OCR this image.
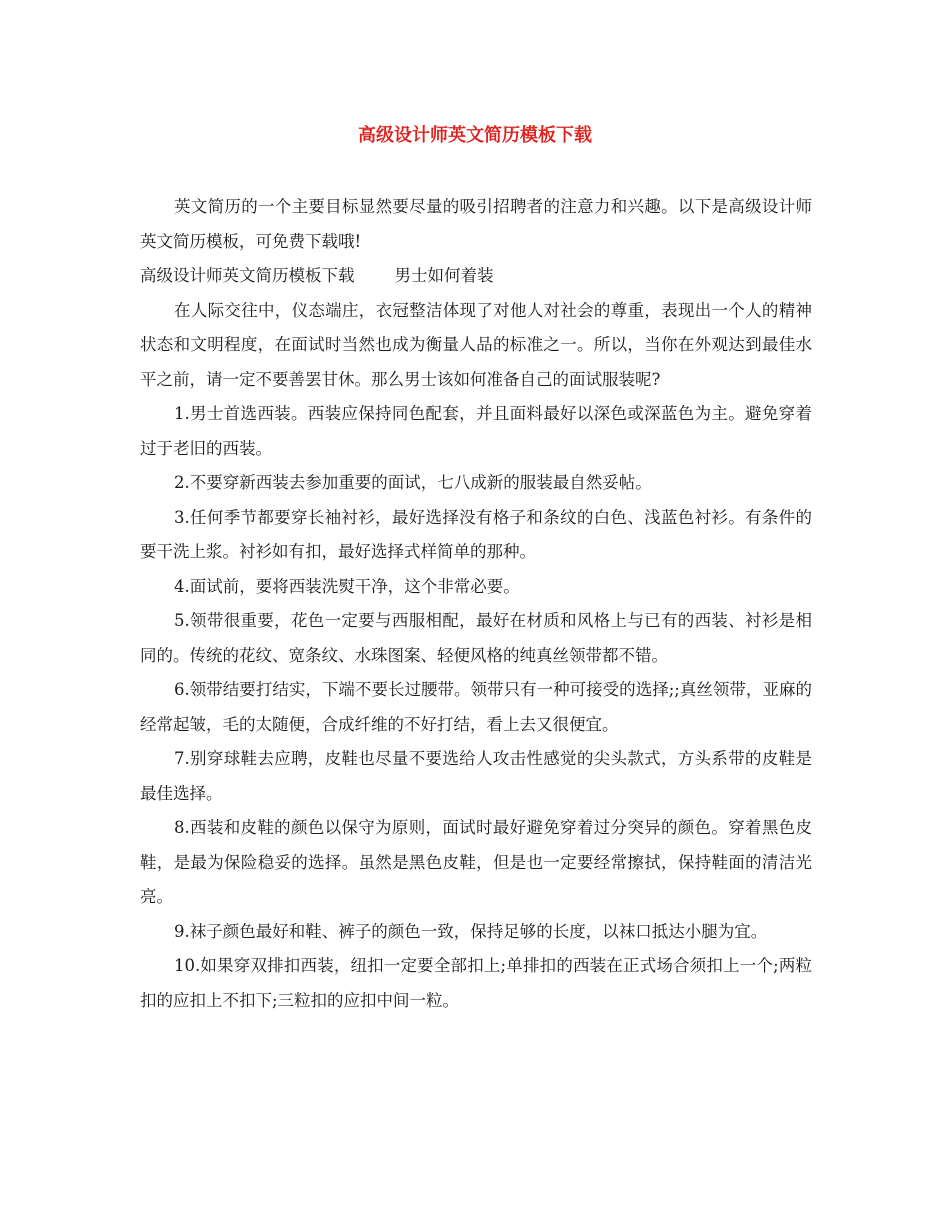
高级设计师英文简历模板下载

英文简历的一个主要目标显然要尽量的吸引招聘者的注意力和兴趣。以下是高级设计师英文简历模板，可免费下载哦!

高级设计师英文简历模板下载 男士如何着装

在人际交往中，仪态端庄，衣冠整洁体现了对他人对社会的尊重，表现出一个人的精神状态和文明程度，在面试时当然也成为衡量人品的标准之一。所以，当你在外观达到最佳水平之前，请一定不要善罢甘休。那么男士该如何准备自己的面试服装呢?

1.男士首选西装。西装应保持同色配套，并且面料最好以深色或深蓝色为主。避免穿着过于老旧的西装。

2.不要穿新西装去参加重要的面试，七八成新的服装最自然妥帖。

3.任何季节都要穿长袖衬衫，最好选择没有格子和条纹的白色、浅蓝色衬衫。有条件的要干洗上浆。衬衫如有扣，最好选择式样简单的那种。

4.面试前，要将西装洗熨干净，这个非常必要。

5.领带很重要，花色一定要与西服相配，最好在材质和风格上与已有的西装、衬衫是相同的。传统的花纹、宽条纹、水珠图案、轻便风格的纯真丝领带都不错。

6.领带结要打结实，下端不要长过腰带。领带只有一种可接受的选择;;真丝领带，亚麻的经常起皱，毛的太随便，合成纤维的不好打结，看上去又很便宜。

7.别穿球鞋去应聘，皮鞋也尽量不要选给人攻击性感觉的尖头款式，方头系带的皮鞋是最佳选择。

8.西装和皮鞋的颜色以保守为原则，面试时最好避免穿着过分突异的颜色。穿着黑色皮鞋，是最为保险稳妥的选择。虽然是黑色皮鞋，但是也一定要经常擦拭，保持鞋面的清洁光亮。

9.袜子颜色最好和鞋、裤子的颜色一致，保持足够的长度，以袜口抵达小腿为宜。

10.如果穿双排扣西装，纽扣一定要全部扣上;单排扣的西装在正式场合须扣上一个;两粒扣的应扣上不扣下;三粒扣的应扣中间一粒。
